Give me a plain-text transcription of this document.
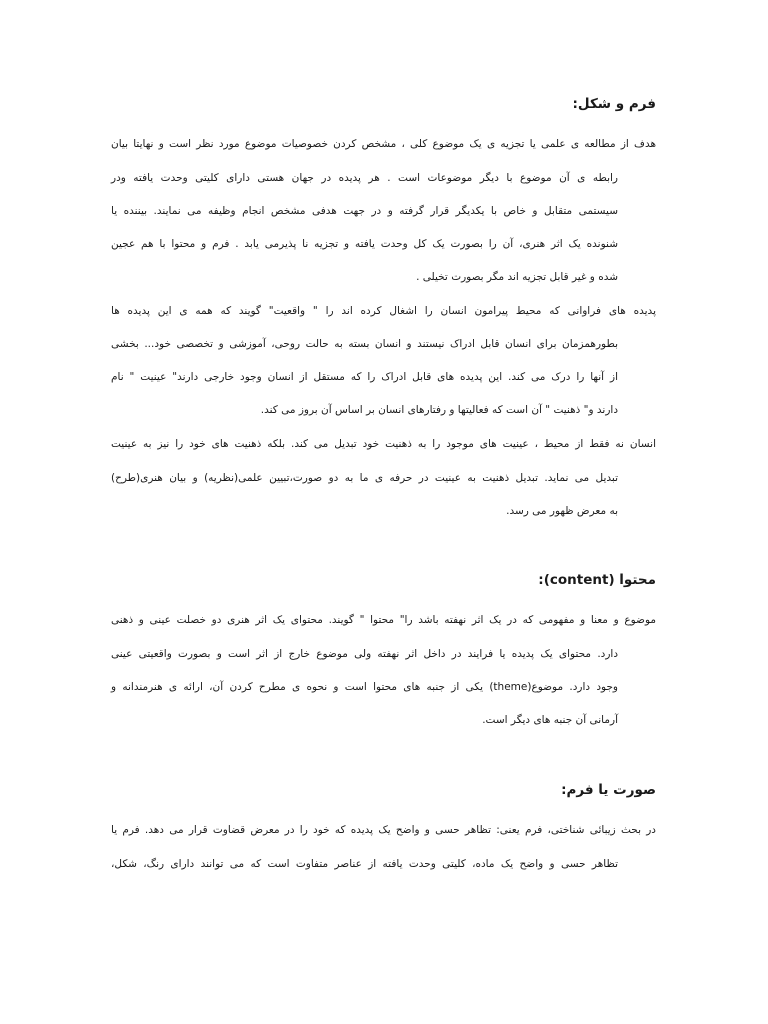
فرم و شکل:
هدف از مطالعه ی علمی یا تجزیه ی یک موضوع کلی ، مشخص کردن خصوصیات موضوع مورد نظر است و نهایتا بیان
رابطه ی آن موضوع با دیگر موضوعات است . هر پدیده در جهان هستی دارای کلیتی وحدت یافته ودر
سیستمی متقابل و خاص با یکدیگر قرار گرفته و در جهت هدفی مشخص انجام وظیفه می نمایند. بیننده یا
شنونده یک اثر هنری، آن را بصورت یک کل وحدت یافته و تجزیه نا پذیرمی یابد . فرم و محتوا با هم عجین
شده و غیر قابل تجزیه اند مگر بصورت تخیلی .
پدیده های فراوانی که محیط پیرامون انسان را اشغال کرده اند را " واقعیت" گویند که همه ی این پدیده ها
بطورهمزمان برای انسان قابل ادراک نیستند و انسان بسته به حالت روحی، آموزشی و تخصصی خود... بخشی
از آنها را درک می کند. این پدیده های قابل ادراک را که مستقل از انسان وجود خارجی دارند" عینیت " نام
دارند و" ذهنیت " آن است که فعالیتها و رفتارهای انسان بر اساس آن بروز می کند.
انسان نه فقط از محیط ، عینیت های موجود را به ذهنیت خود تبدیل می کند. بلکه ذهنیت های خود را نیز به عینیت
تبدیل می نماید. تبدیل ذهنیت به عینیت در حرفه ی ما به دو صورت،تبیین علمی(نظریه) و بیان هنری(طرح)
به معرض ظهور می رسد.
محتوا (content):
موضوع و معنا و مفهومی که در یک اثر نهفته باشد را" محتوا " گویند. محتوای یک اثر هنری دو خصلت عینی و ذهنی
دارد. محتوای یک پدیده یا فرایند در داخل اثر نهفته ولی موضوع خارج از اثر است و بصورت واقعیتی عینی
وجود دارد. موضوع(theme) یکی از جنبه های محتوا است و نحوه ی مطرح کردن آن، ارائه ی هنرمندانه و
آرمانی آن جنبه های دیگر است.
صورت یا فرم:
در بحث زیبائی شناختی، فرم یعنی: تظاهر حسی و واضح یک پدیده که خود را در معرض قضاوت قرار می دهد. فرم یا
تظاهر حسی و واضح یک ماده، کلیتی وحدت یافته از عناصر متفاوت است که می توانند دارای رنگ، شکل،
